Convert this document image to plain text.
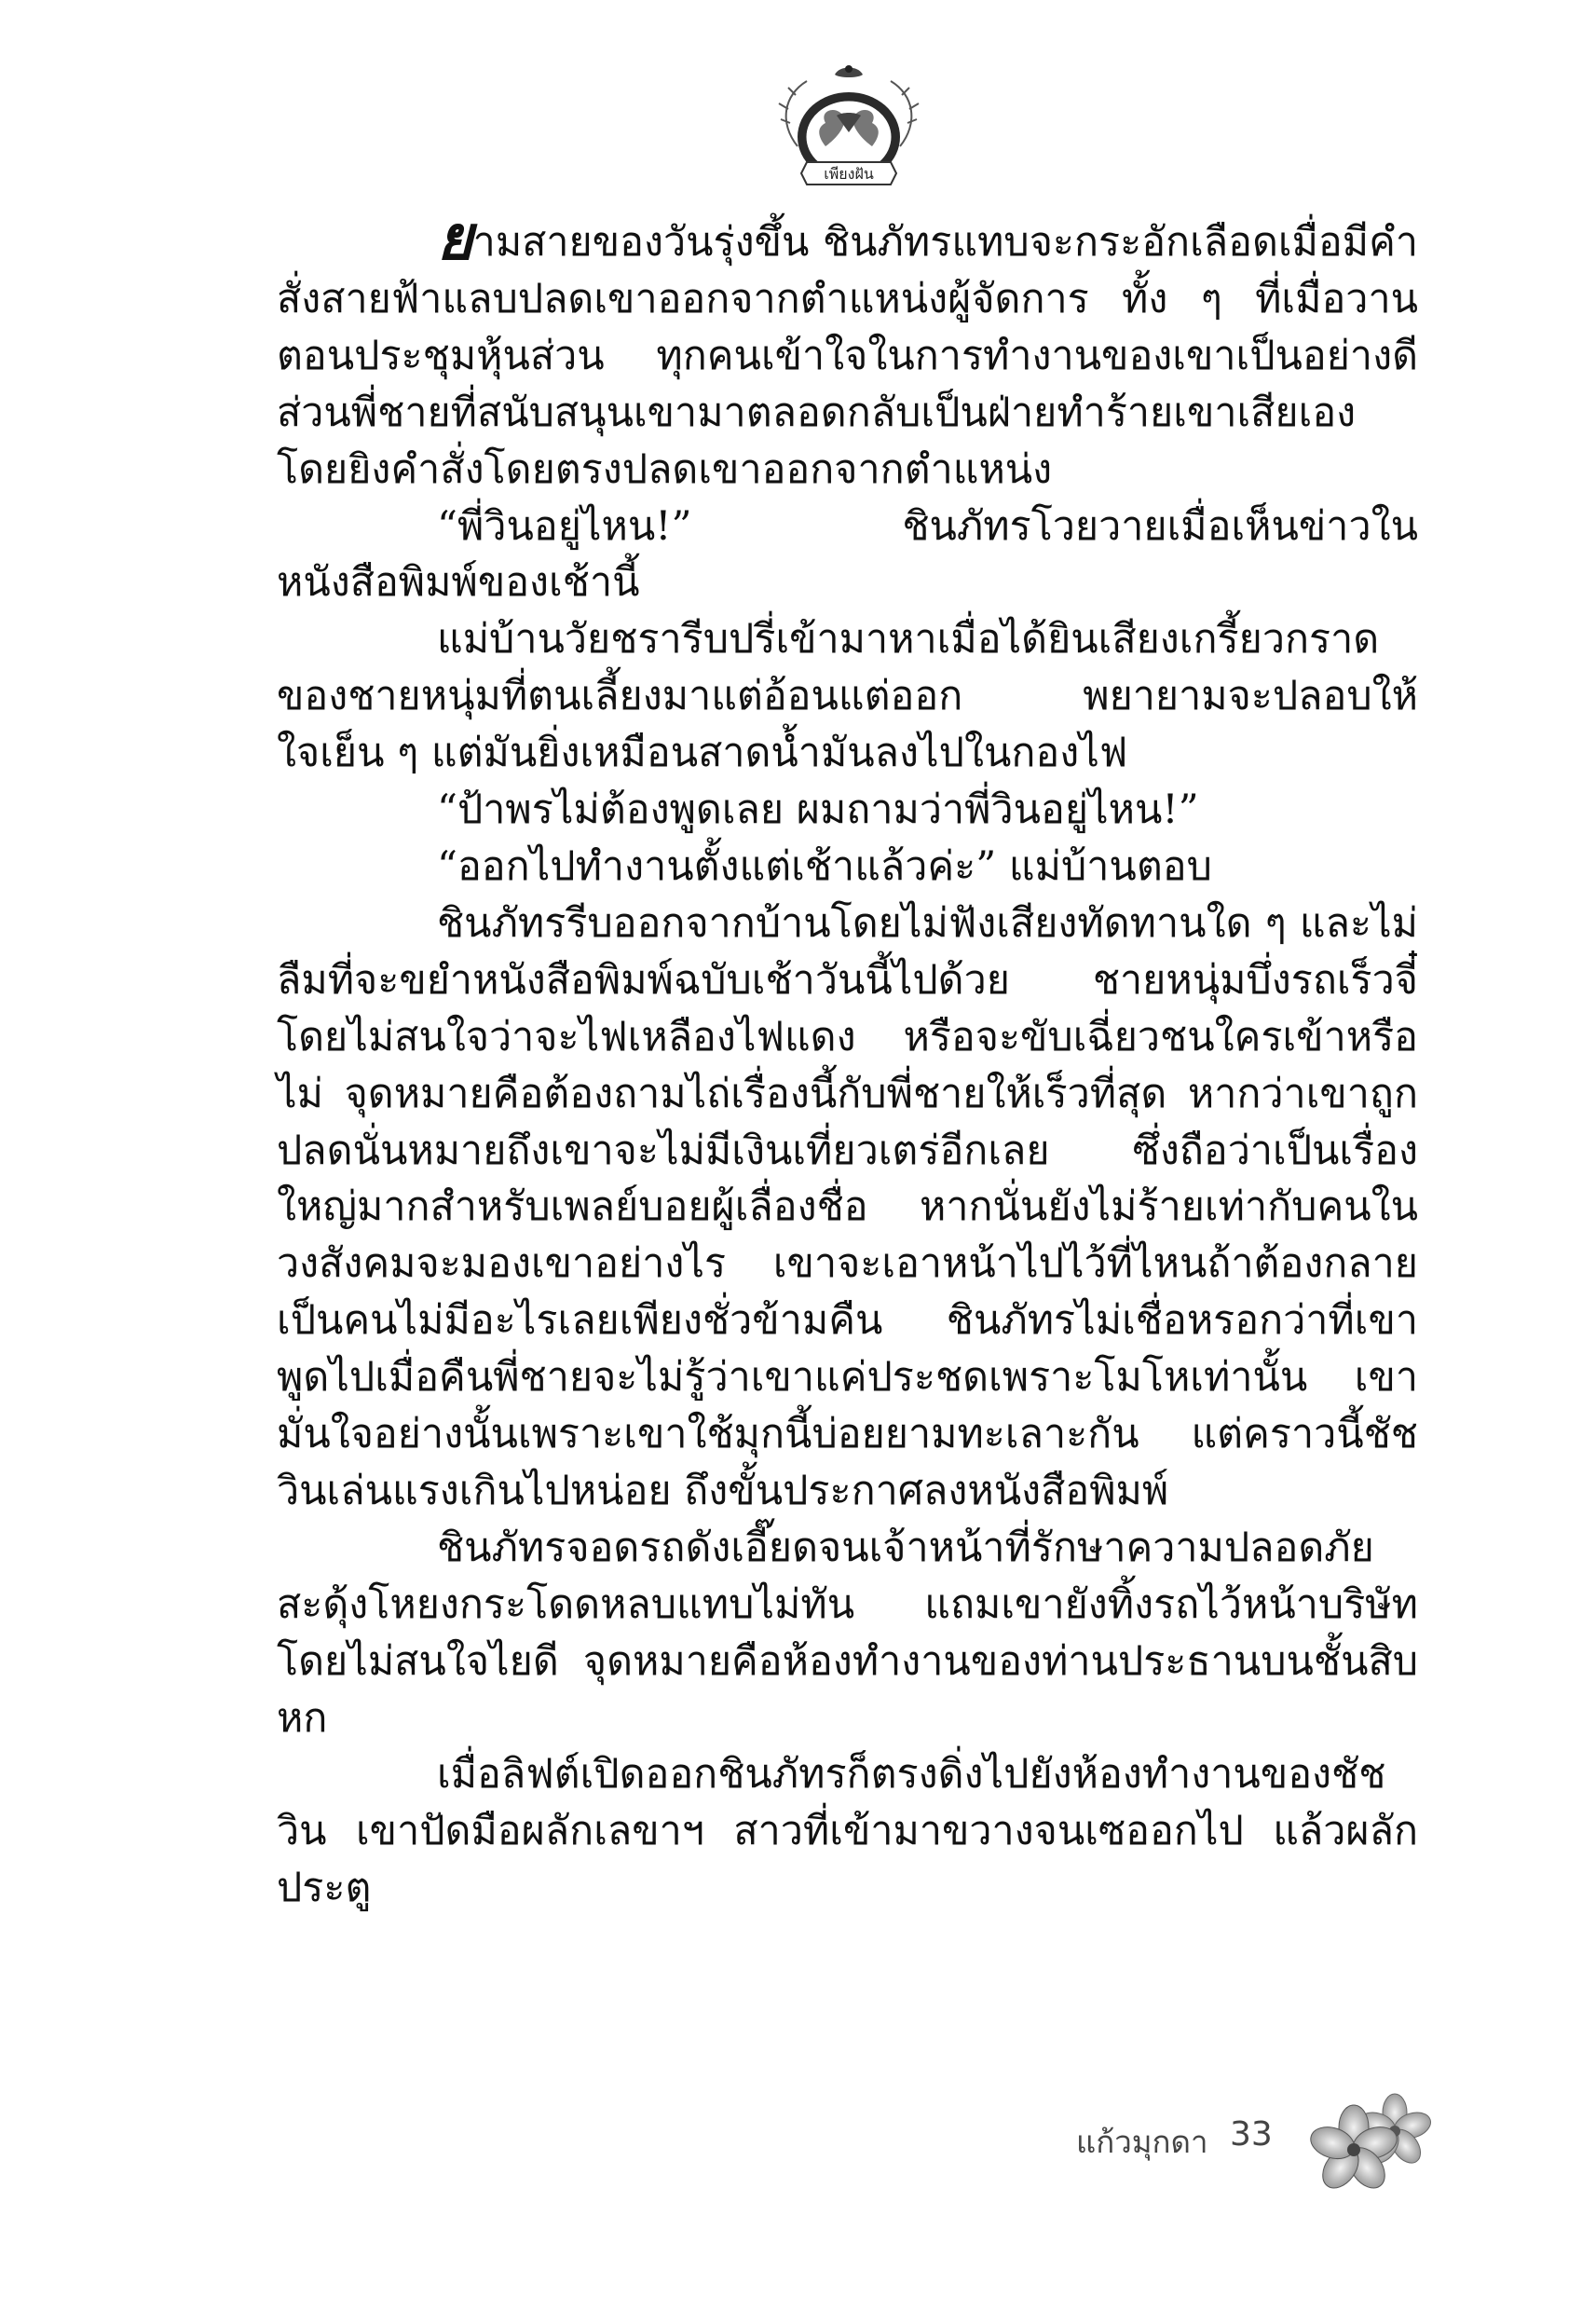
เพียงฝัน

ยามสายของวันรุ่งขึ้น ชินภัทรแทบจะกระอักเลือดเมื่อมีคำสั่งสายฟ้าแลบปลดเขาออกจากตำแหน่งผู้จัดการ ทั้ง ๆ ที่เมื่อวานตอนประชุมหุ้นส่วน ทุกคนเข้าใจในการทำงานของเขาเป็นอย่างดี ส่วนพี่ชายที่สนับสนุนเขามาตลอดกลับเป็นฝ่ายทำร้ายเขาเสียเอง โดยยิงคำสั่งโดยตรงปลดเขาออกจากตำแหน่ง

“พี่วินอยู่ไหน!” ชินภัทรโวยวายเมื่อเห็นข่าวในหนังสือพิมพ์ของเช้านี้

แม่บ้านวัยชรารีบปรี่เข้ามาหาเมื่อได้ยินเสียงเกรี้ยวกราดของชายหนุ่มที่ตนเลี้ยงมาแต่อ้อนแต่ออก พยายามจะปลอบให้ใจเย็น ๆ แต่มันยิ่งเหมือนสาดน้ำมันลงไปในกองไฟ

“ป้าพรไม่ต้องพูดเลย ผมถามว่าพี่วินอยู่ไหน!”

“ออกไปทำงานตั้งแต่เช้าแล้วค่ะ” แม่บ้านตอบ

ชินภัทรรีบออกจากบ้านโดยไม่ฟังเสียงทัดทานใด ๆ และไม่ลืมที่จะขยำหนังสือพิมพ์ฉบับเช้าวันนี้ไปด้วย ชายหนุ่มบึ่งรถเร็วจี๋โดยไม่สนใจว่าจะไฟเหลืองไฟแดง หรือจะขับเฉี่ยวชนใครเข้าหรือไม่ จุดหมายคือต้องถามไถ่เรื่องนี้กับพี่ชายให้เร็วที่สุด หากว่าเขาถูกปลดนั่นหมายถึงเขาจะไม่มีเงินเที่ยวเตร่อีกเลย ซึ่งถือว่าเป็นเรื่องใหญ่มากสำหรับเพลย์บอยผู้เลื่องชื่อ หากนั่นยังไม่ร้ายเท่ากับคนในวงสังคมจะมองเขาอย่างไร เขาจะเอาหน้าไปไว้ที่ไหนถ้าต้องกลายเป็นคนไม่มีอะไรเลยเพียงชั่วข้ามคืน ชินภัทรไม่เชื่อหรอกว่าที่เขาพูดไปเมื่อคืนพี่ชายจะไม่รู้ว่าเขาแค่ประชดเพราะโมโหเท่านั้น เขามั่นใจอย่างนั้นเพราะเขาใช้มุกนี้บ่อยยามทะเลาะกัน แต่คราวนี้ชัชวินเล่นแรงเกินไปหน่อย ถึงขั้นประกาศลงหนังสือพิมพ์

ชินภัทรจอดรถดังเอี๊ยดจนเจ้าหน้าที่รักษาความปลอดภัยสะดุ้งโหยงกระโดดหลบแทบไม่ทัน แถมเขายังทิ้งรถไว้หน้าบริษัทโดยไม่สนใจไยดี จุดหมายคือห้องทำงานของท่านประธานบนชั้นสิบหก

เมื่อลิฟต์เปิดออกชินภัทรก็ตรงดิ่งไปยังห้องทำงานของชัชวิน เขาปัดมือผลักเลขาฯ สาวที่เข้ามาขวางจนเซออกไป แล้วผลักประตู

แก้วมุกดา 33
